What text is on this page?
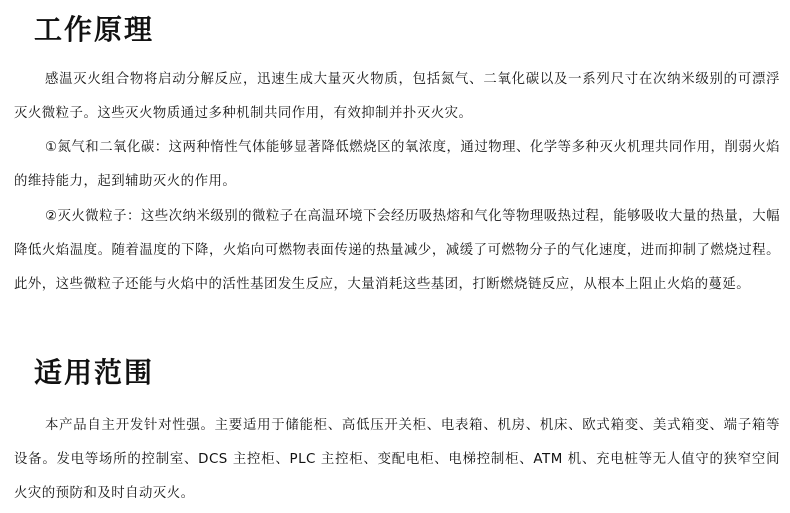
工作原理

感温灭火组合物将启动分解反应，迅速生成大量灭火物质，包括氮气、二氧化碳以及一系列尺寸在次纳米级别的可漂浮灭火微粒子。这些灭火物质通过多种机制共同作用，有效抑制并扑灭火灾。

①氮气和二氧化碳：这两种惰性气体能够显著降低燃烧区的氧浓度，通过物理、化学等多种灭火机理共同作用，削弱火焰的维持能力，起到辅助灭火的作用。

②灭火微粒子：这些次纳米级别的微粒子在高温环境下会经历吸热熔和气化等物理吸热过程，能够吸收大量的热量，大幅降低火焰温度。随着温度的下降，火焰向可燃物表面传递的热量减少，减缓了可燃物分子的气化速度，进而抑制了燃烧过程。此外，这些微粒子还能与火焰中的活性基团发生反应，大量消耗这些基团，打断燃烧链反应，从根本上阻止火焰的蔓延。

适用范围

本产品自主开发针对性强。主要适用于储能柜、高低压开关柜、电表箱、机房、机床、欧式箱变、美式箱变、端子箱等设备。发电等场所的控制室、DCS 主控柜、PLC 主控柜、变配电柜、电梯控制柜、ATM 机、充电桩等无人值守的狭窄空间火灾的预防和及时自动灭火。
